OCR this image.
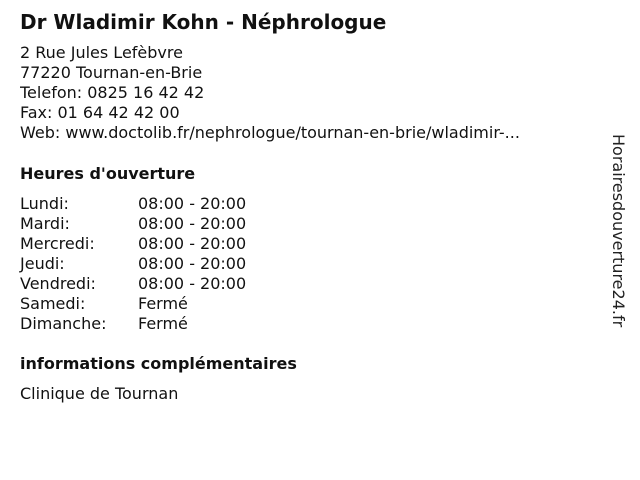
Dr Wladimir Kohn - Néphrologue
2 Rue Jules Lefèbvre
77220 Tournan-en-Brie
Telefon: 0825 16 42 42
Fax: 01 64 42 42 00
Web: www.doctolib.fr/nephrologue/tournan-en-brie/wladimir-...
Heures d'ouverture
Lundi:	08:00 - 20:00
Mardi:	08:00 - 20:00
Mercredi:	08:00 - 20:00
Jeudi:	08:00 - 20:00
Vendredi:	08:00 - 20:00
Samedi:	Fermé
Dimanche:	Fermé
informations complémentaires
Clinique de Tournan
Horairesdouverture24.fr
